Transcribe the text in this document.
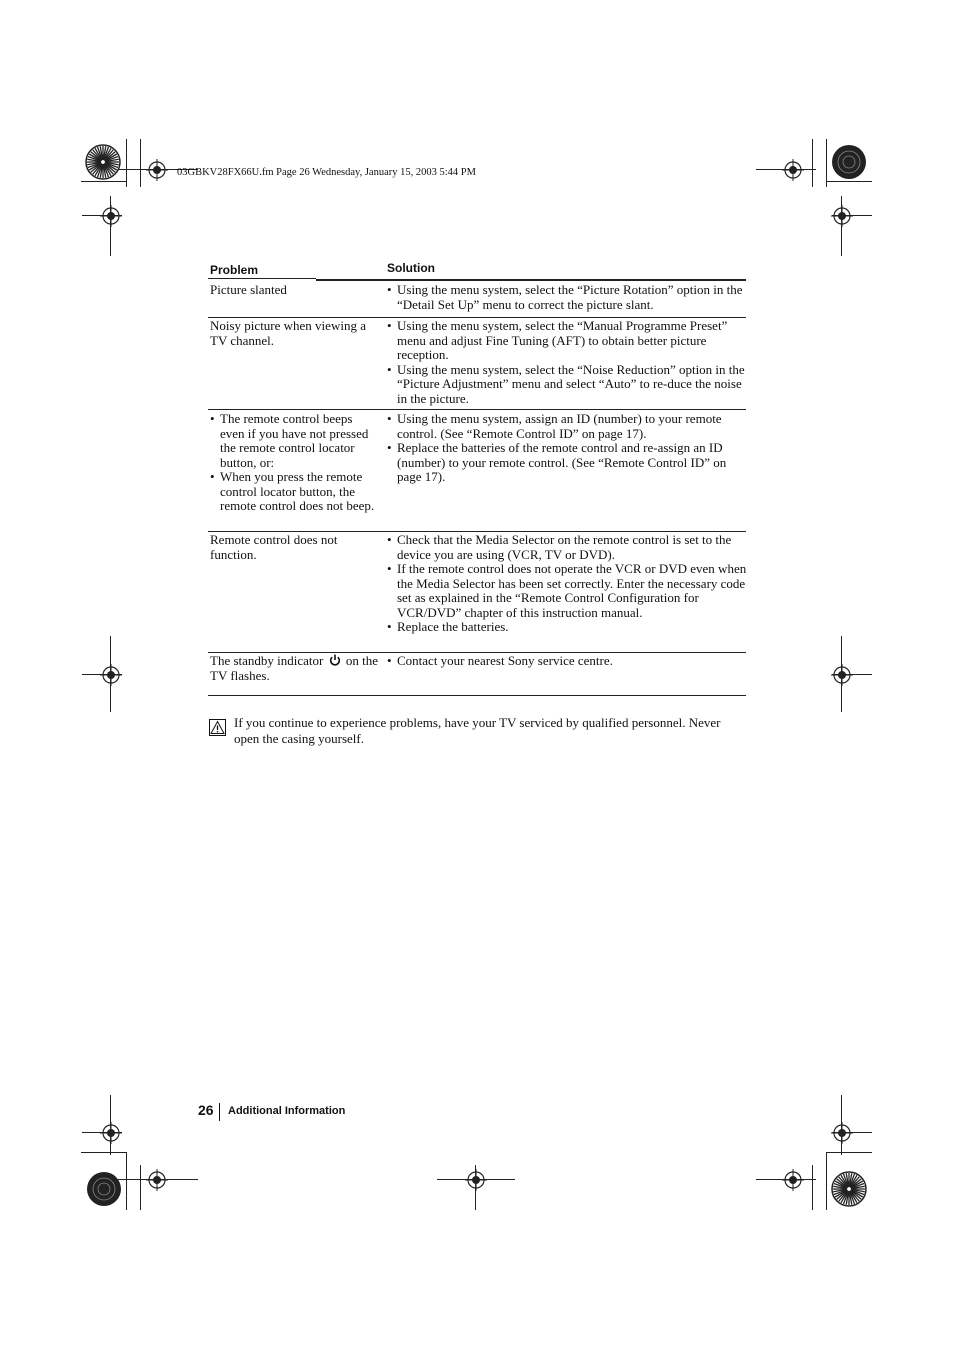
03GBKV28FX66U.fm Page 26 Wednesday, January 15, 2003 5:44 PM
Problem	Solution
Picture slanted
•	Using the menu system, select the “Picture Rotation” option in the “Detail Set Up” menu to correct the picture slant.
Noisy picture when viewing a TV channel.
• Using the menu system, select the “Manual Programme Preset” menu and adjust Fine Tuning (AFT) to obtain better picture reception.
• Using the menu system, select the “Noise Reduction” option in the “Picture Adjustment” menu and select “Auto” to re-duce the noise in the picture.
• The remote control beeps even if you have not pressed the remote control locator button, or:
• When you press the remote control locator button, the remote control does not beep.
• Using the menu system, assign an ID (number) to your remote control. (See “Remote Control ID” on page 17).
• Replace the batteries of the remote control and re-assign an ID (number) to your remote control. (See “Remote Control ID” on page 17).
Remote control does not function.
• Check that the Media Selector on the remote control is set to the device you are using (VCR, TV or DVD).
• If the remote control does not operate the VCR or DVD even when the Media Selector has been set correctly. Enter the necessary code set as explained in the “Remote Control Configuration for VCR/DVD” chapter of this instruction manual.
• Replace the batteries.
The standby indicator on the TV flashes.
• Contact your nearest Sony service centre.
If you continue to experience problems, have your TV serviced by qualified personnel. Never open the casing yourself.
26 Additional Information
